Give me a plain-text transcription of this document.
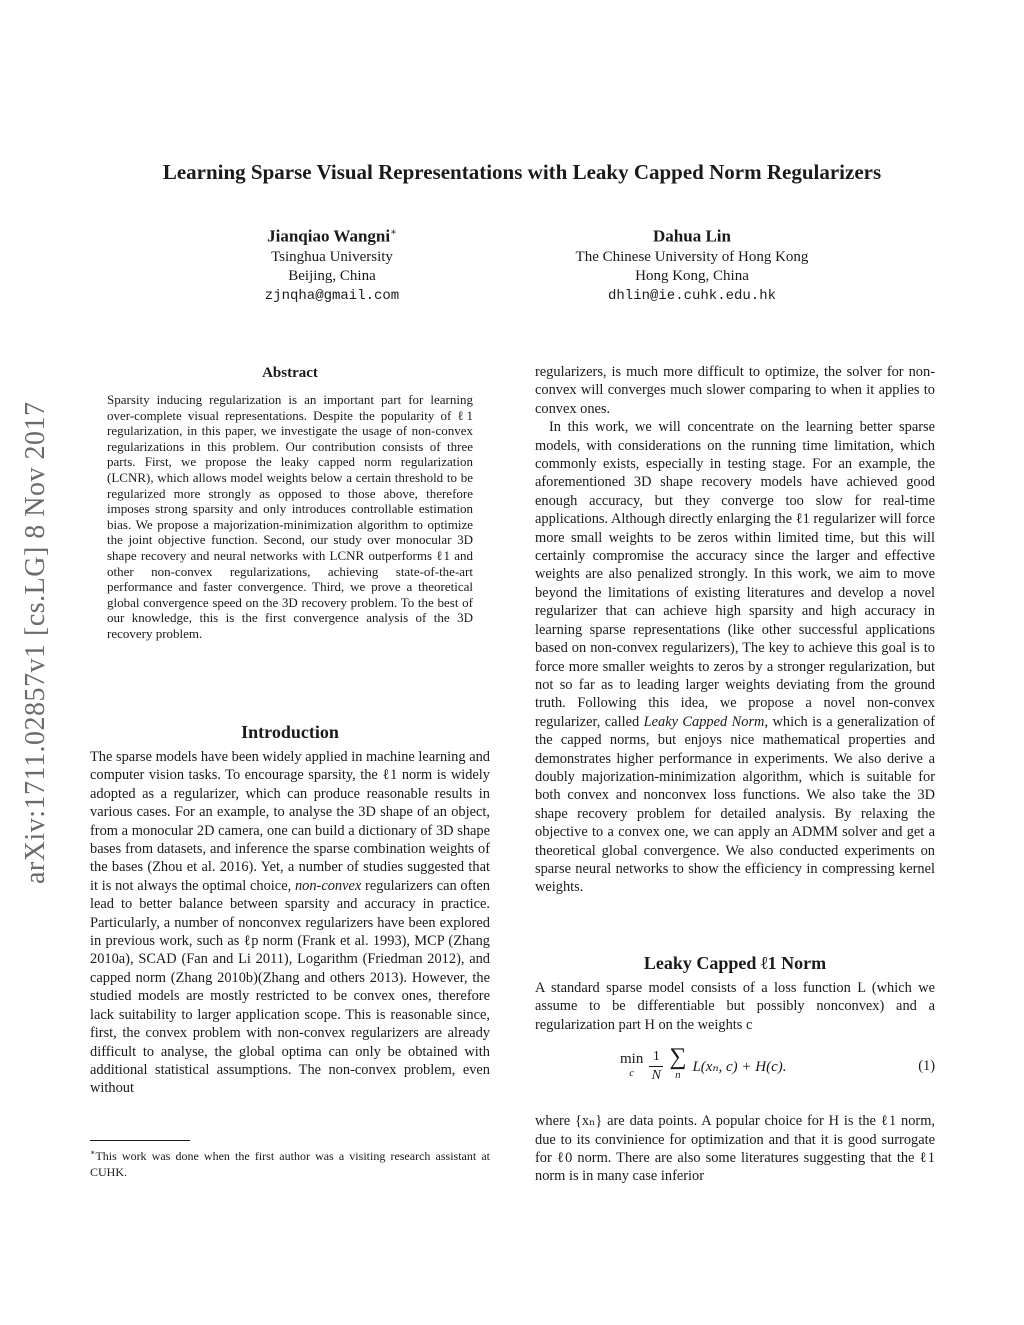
arXiv:1711.02857v1 [cs.LG] 8 Nov 2017
Learning Sparse Visual Representations with Leaky Capped Norm Regularizers
Jianqiao Wangni∗
Tsinghua University
Beijing, China
zjnqha@gmail.com
Dahua Lin
The Chinese University of Hong Kong
Hong Kong, China
dhlin@ie.cuhk.edu.hk
Abstract

Sparsity inducing regularization is an important part for learning over-complete visual representations. Despite the popularity of ℓ1 regularization, in this paper, we investigate the usage of non-convex regularizations in this problem. Our contribution consists of three parts. First, we propose the leaky capped norm regularization (LCNR), which allows model weights below a certain threshold to be regularized more strongly as opposed to those above, therefore imposes strong sparsity and only introduces controllable estimation bias. We propose a majorization-minimization algorithm to optimize the joint objective function. Second, our study over monocular 3D shape recovery and neural networks with LCNR outperforms ℓ1 and other non-convex regularizations, achieving state-of-the-art performance and faster convergence. Third, we prove a theoretical global convergence speed on the 3D recovery problem. To the best of our knowledge, this is the first convergence analysis of the 3D recovery problem.

Introduction

The sparse models have been widely applied in machine learning and computer vision tasks. To encourage sparsity, the ℓ1 norm is widely adopted as a regularizer, which can produce reasonable results in various cases. For an example, to analyse the 3D shape of an object, from a monocular 2D camera, one can build a dictionary of 3D shape bases from datasets, and inference the sparse combination weights of the bases (Zhou et al. 2016). Yet, a number of studies suggested that it is not always the optimal choice, non-convex regularizers can often lead to better balance between sparsity and accuracy in practice. Particularly, a number of nonconvex regularizers have been explored in previous work, such as ℓp norm (Frank et al. 1993), MCP (Zhang 2010a), SCAD (Fan and Li 2011), Logarithm (Friedman 2012), and capped norm (Zhang 2010b)(Zhang and others 2013). However, the studied models are mostly restricted to be convex ones, therefore lack suitability to larger application scope. This is reasonable since, first, the convex problem with non-convex regularizers are already difficult to analyse, the global optima can only be obtained with additional statistical assumptions. The non-convex problem, even without

∗This work was done when the first author was a visiting research assistant at CUHK.

regularizers, is much more difficult to optimize, the solver for non-convex will converges much slower comparing to when it applies to convex ones.

In this work, we will concentrate on the learning better sparse models, with considerations on the running time limitation, which commonly exists, especially in testing stage. For an example, the aforementioned 3D shape recovery models have achieved good enough accuracy, but they converge too slow for real-time applications. Although directly enlarging the ℓ1 regularizer will force more small weights to be zeros within limited time, but this will certainly compromise the accuracy since the larger and effective weights are also penalized strongly. In this work, we aim to move beyond the limitations of existing literatures and develop a novel regularizer that can achieve high sparsity and high accuracy in learning sparse representations (like other successful applications based on non-convex regularizers), The key to achieve this goal is to force more smaller weights to zeros by a stronger regularization, but not so far as to leading larger weights deviating from the ground truth. Following this idea, we propose a novel non-convex regularizer, called Leaky Capped Norm, which is a generalization of the capped norms, but enjoys nice mathematical properties and demonstrates higher performance in experiments. We also derive a doubly majorization-minimization algorithm, which is suitable for both convex and nonconvex loss functions. We also take the 3D shape recovery problem for detailed analysis. By relaxing the objective to a convex one, we can apply an ADMM solver and get a theoretical global convergence. We also conducted experiments on sparse neural networks to show the efficiency in compressing kernel weights.

Leaky Capped ℓ1 Norm

A standard sparse model consists of a loss function L (which we assume to be differentiable but possibly nonconvex) and a regularization part H on the weights c

min
c $\frac{1}{N}$ ∑
n
L(xₙ, c) + H(c).	(1)

where {xₙ} are data points. A popular choice for H is the ℓ1 norm, due to its convinience for optimization and that it is good surrogate for ℓ0 norm. There are also some literatures suggesting that the ℓ1 norm is in many case inferior
